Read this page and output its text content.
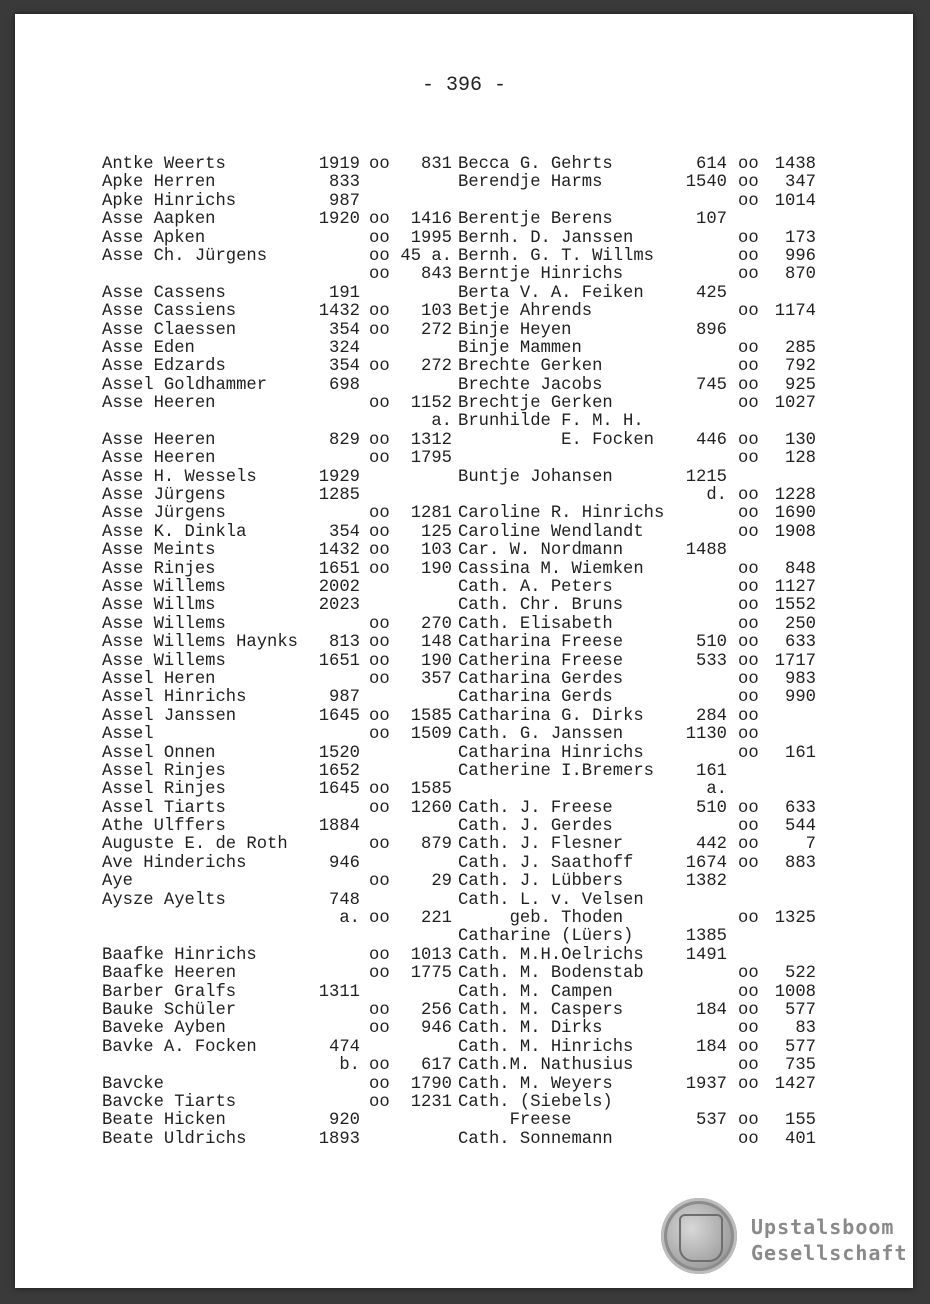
- 396 -
Antke Weerts	1919 oo	831
Apke Herren	833
Apke Hinrichs	987
Asse Aapken	1920 oo	1416
Asse Apken	oo	1995
Asse Ch. Jürgens	oo 45 a.
oo	843
Asse Cassens	191
Asse Cassiens	1432 oo	103
Asse Claessen	354 oo	272
Asse Eden	324
Asse Edzards	354 oo	272
Assel Goldhammer	698
Asse Heeren	oo	1152
a.
Asse Heeren	829 oo	1312
Asse Heeren	oo	1795
Asse H. Wessels	1929
Asse Jürgens	1285
Asse Jürgens	oo	1281
Asse K. Dinkla	354 oo	125
Asse Meints	1432 oo	103
Asse Rinjes	1651 oo	190
Asse Willems	2002
Asse Willms	2023
Asse Willems	oo	270
Asse Willems Haynks	813 oo	148
Asse Willems	1651 oo	190
Assel Heren	oo	357
Assel Hinrichs	987
Assel Janssen	1645 oo	1585
Assel	oo	1509
Assel Onnen	1520
Assel Rinjes	1652
Assel Rinjes	1645 oo	1585
Assel Tiarts	oo	1260
Athe Ulffers	1884
Auguste E. de Roth	oo	879
Ave Hinderichs	946
Aye	oo	29
Aysze Ayelts	748
a. oo	221
Baafke Hinrichs	oo	1013
Baafke Heeren	oo	1775
Barber Gralfs	1311
Bauke Schüler	oo	256
Baveke Ayben	oo	946
Bavke A. Focken	474
b. oo	617
Bavcke	oo	1790
Bavcke Tiarts	oo	1231
Beate Hicken	920
Beate Uldrichs	1893
Becca G. Gehrts	614 oo 1438
Berendje Harms	1540 oo	347
oo 1014
Berentje Berens	107
Bernh. D. Janssen	oo	173
Bernh. G. T. Willms	oo	996
Berntje Hinrichs	oo	870
Berta V. A. Feiken	425
Betje Ahrends	oo 1174
Binje Heyen	896
Binje Mammen	oo	285
Brechte Gerken	oo	792
Brechte Jacobs	745 oo	925
Brechtje Gerken	oo 1027
Brunhilde F. M. H.
E. Focken	446 oo	130
oo	128
Buntje Johansen	1215
d. oo 1228
Caroline R. Hinrichs	oo 1690
Caroline Wendlandt	oo 1908
Car. W. Nordmann	1488
Cassina M. Wiemken	oo	848
Cath. A. Peters	oo 1127
Cath. Chr. Bruns	oo 1552
Cath. Elisabeth	oo	250
Catharina Freese	510 oo	633
Catherina Freese	533 oo 1717
Catharina Gerdes	oo	983
Catharina Gerds	oo	990
Catharina G. Dirks	284 oo
Cath. G. Janssen	1130 oo
Catharina Hinrichs	oo	161
Catherine I.Bremers	161
a.
Cath. J. Freese	510 oo	633
Cath. J. Gerdes	oo	544
Cath. J. Flesner	442 oo	7
Cath. J. Saathoff	1674 oo	883
Cath. J. Lübbers	1382
Cath. L. v. Velsen
geb. Thoden	oo 1325
Catharine (Lüers)	1385
Cath. M.H.Oelrichs	1491
Cath. M. Bodenstab	oo	522
Cath. M. Campen	oo 1008
Cath. M. Caspers	184 oo	577
Cath. M. Dirks	oo	83
Cath. M. Hinrichs	184 oo	577
Cath.M. Nathusius	oo	735
Cath. M. Weyers	1937 oo 1427
Cath. (Siebels)
Freese	537 oo	155
Cath. Sonnemann	oo	401
Upstalsboom
Gesellschaft
